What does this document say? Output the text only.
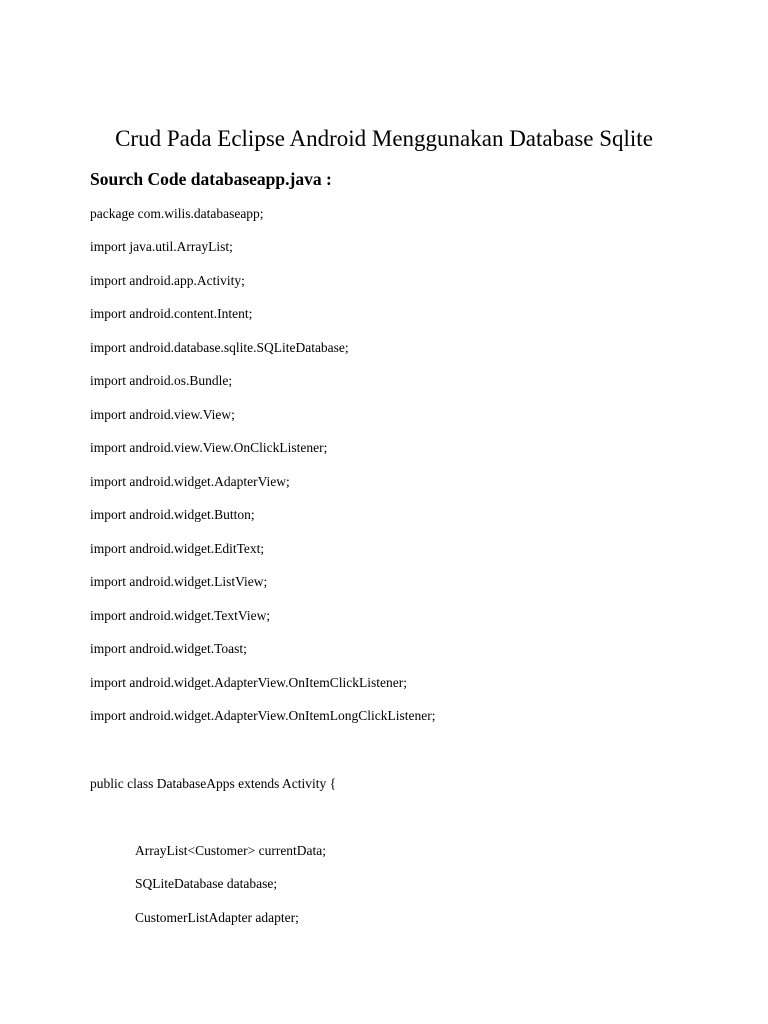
Crud Pada Eclipse Android Menggunakan Database Sqlite
Sourch Code databaseapp.java :
package com.wilis.databaseapp;
import java.util.ArrayList;
import android.app.Activity;
import android.content.Intent;
import android.database.sqlite.SQLiteDatabase;
import android.os.Bundle;
import android.view.View;
import android.view.View.OnClickListener;
import android.widget.AdapterView;
import android.widget.Button;
import android.widget.EditText;
import android.widget.ListView;
import android.widget.TextView;
import android.widget.Toast;
import android.widget.AdapterView.OnItemClickListener;
import android.widget.AdapterView.OnItemLongClickListener;
public class DatabaseApps extends Activity {
ArrayList<Customer> currentData;
SQLiteDatabase database;
CustomerListAdapter adapter;
